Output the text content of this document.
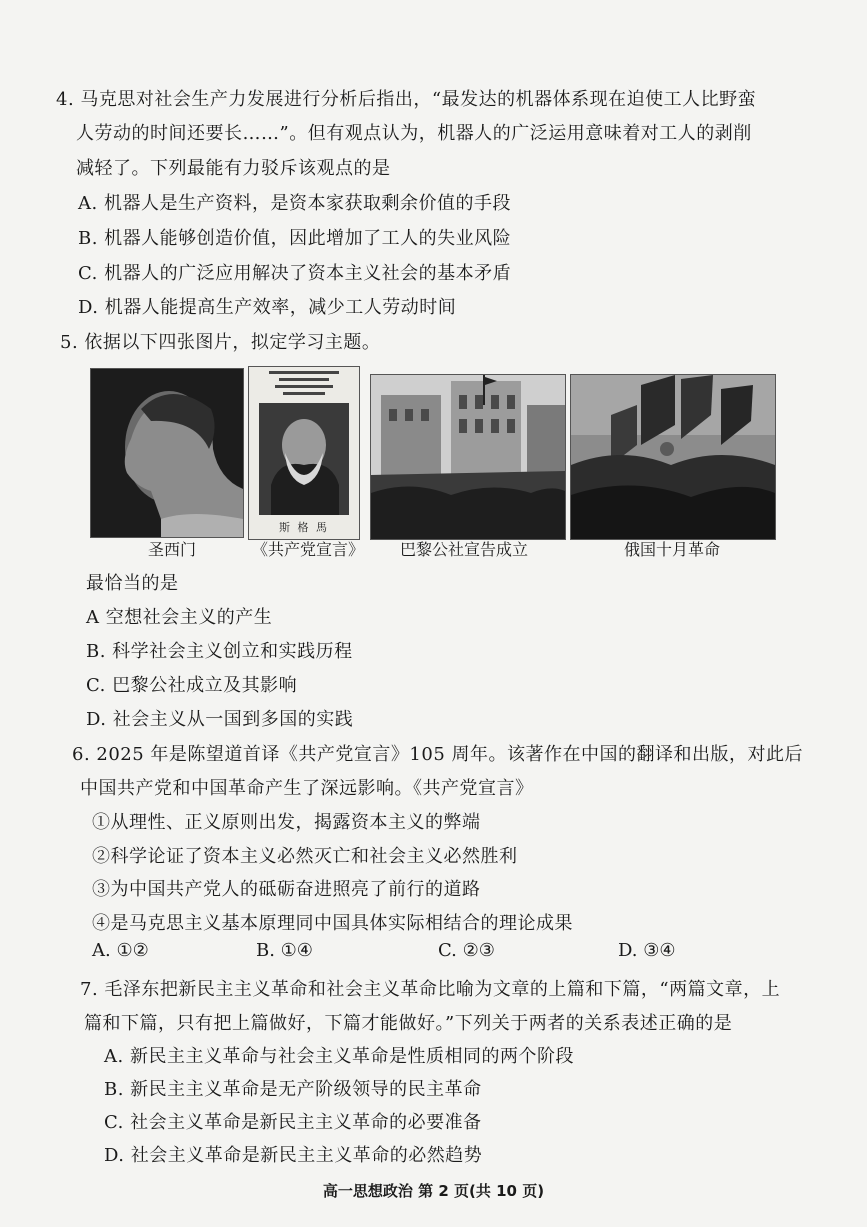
4. 马克思对社会生产力发展进行分析后指出，“最发达的机器体系现在迫使工人比野蛮
人劳动的时间还要长……”。但有观点认为，机器人的广泛运用意味着对工人的剥削
减轻了。下列最能有力驳斥该观点的是
A. 机器人是生产资料，是资本家获取剩余价值的手段
B. 机器人能够创造价值，因此增加了工人的失业风险
C. 机器人的广泛应用解决了资本主义社会的基本矛盾
D. 机器人能提高生产效率，减少工人劳动时间
5. 依据以下四张图片，拟定学习主题。
圣西门
斯 格 馬
《共产党宣言》 巴黎公社宣告成立	俄国十月革命
最恰当的是
A 空想社会主义的产生
B. 科学社会主义创立和实践历程
C. 巴黎公社成立及其影响
D. 社会主义从一国到多国的实践
6. 2025 年是陈望道首译《共产党宣言》105 周年。该著作在中国的翻译和出版，对此后
中国共产党和中国革命产生了深远影响。《共产党宣言》
①从理性、正义原则出发，揭露资本主义的弊端
②科学论证了资本主义必然灭亡和社会主义必然胜利
③为中国共产党人的砥砺奋进照亮了前行的道路
④是马克思主义基本原理同中国具体实际相结合的理论成果
A. ①②	B. ①④	C. ②③	D. ③④
7. 毛泽东把新民主主义革命和社会主义革命比喻为文章的上篇和下篇，“两篇文章，上
篇和下篇，只有把上篇做好，下篇才能做好。”下列关于两者的关系表述正确的是
A. 新民主主义革命与社会主义革命是性质相同的两个阶段
B. 新民主主义革命是无产阶级领导的民主革命
C. 社会主义革命是新民主主义革命的必要准备
D. 社会主义革命是新民主主义革命的必然趋势
高一思想政治 第 2 页(共 10 页)
